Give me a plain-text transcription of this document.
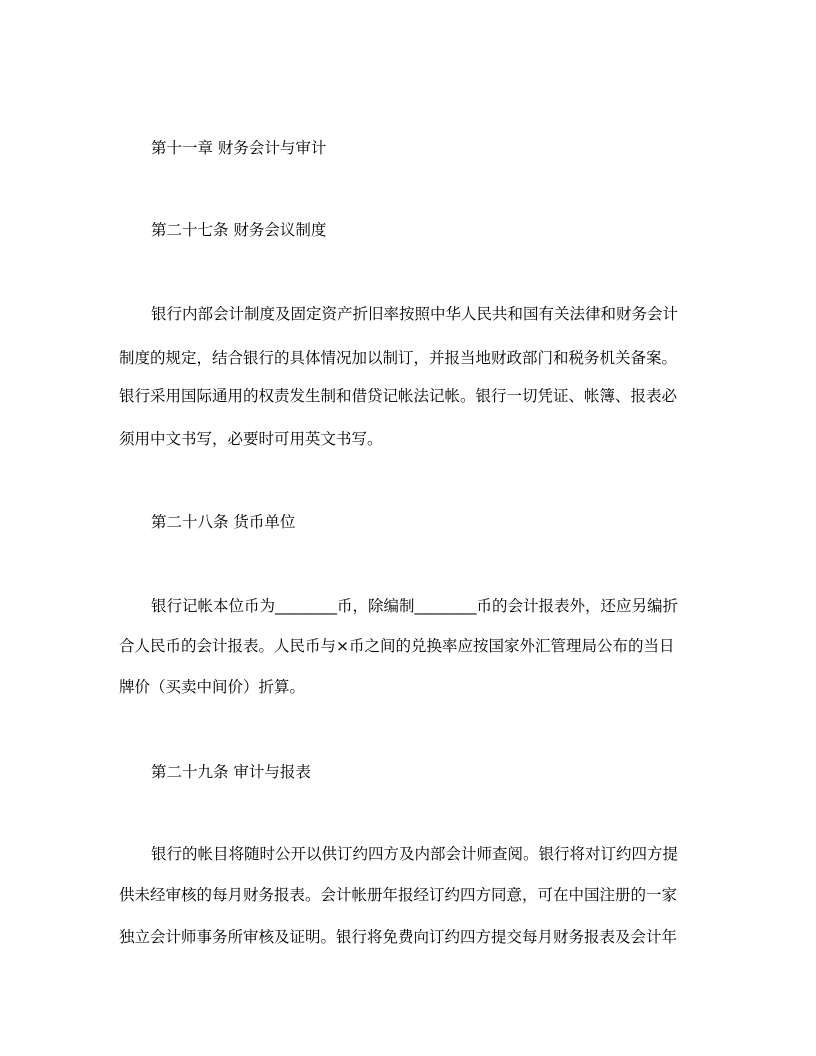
第十一章 财务会计与审计
第二十七条 财务会议制度
银行内部会计制度及固定资产折旧率按照中华人民共和国有关法律和财务会计
制度的规定，结合银行的具体情况加以制订，并报当地财政部门和税务机关备案。
银行采用国际通用的权责发生制和借贷记帐法记帐。银行一切凭证、帐簿、报表必
须用中文书写，必要时可用英文书写。
第二十八条 货币单位
银行记帐本位币为________币，除编制________币的会计报表外，还应另编折
合人民币的会计报表。人民币与×币之间的兑换率应按国家外汇管理局公布的当日
牌价（买卖中间价）折算。
第二十九条 审计与报表
银行的帐目将随时公开以供订约四方及内部会计师查阅。银行将对订约四方提
供未经审核的每月财务报表。会计帐册年报经订约四方同意，可在中国注册的一家
独立会计师事务所审核及证明。银行将免费向订约四方提交每月财务报表及会计年
